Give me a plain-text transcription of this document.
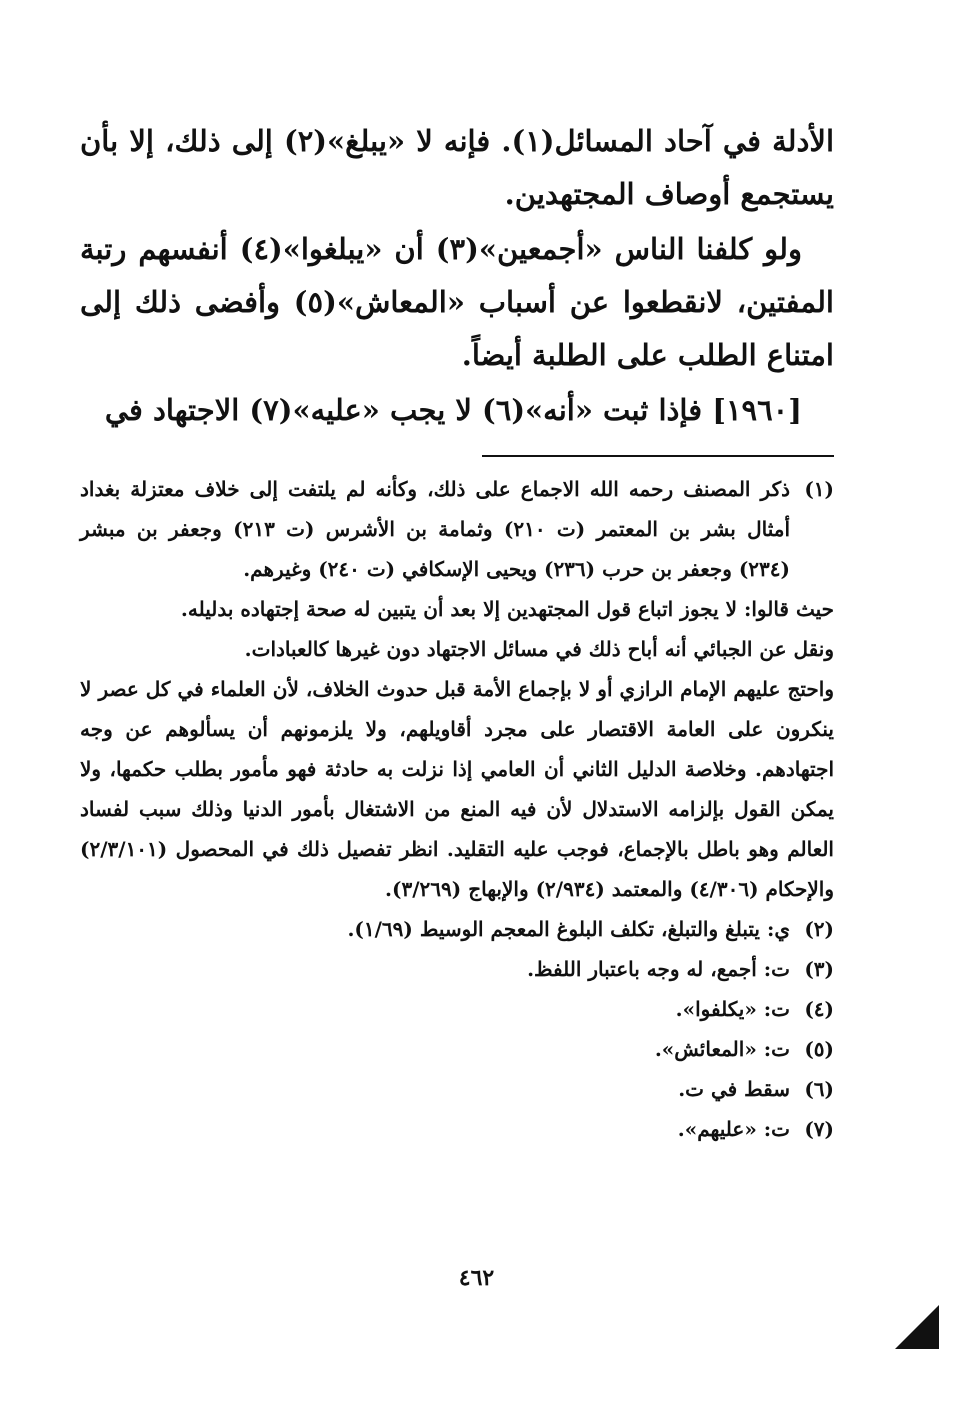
الأدلة في آحاد المسائل(١). فإنه لا «يبلغ»(٢) إلى ذلك، إلا بأن يستجمع أوصاف المجتهدين.

ولو كلفنا الناس «أجمعين»(٣) أن «يبلغوا»(٤) أنفسهم رتبة المفتين، لانقطعوا عن أسباب «المعاش»(٥) وأفضى ذلك إلى امتناع الطلب على الطلبة أيضاً.

[١٩٦٠] فإذا ثبت «أنه»(٦) لا يجب «عليه»(٧) الاجتهاد في

(١)
ذكر المصنف رحمه الله الاجماع على ذلك، وكأنه لم يلتفت إلى خلاف معتزلة بغداد أمثال بشر بن المعتمر (ت ٢١٠) وثمامة بن الأشرس (ت ٢١٣) وجعفر بن مبشر (٢٣٤) وجعفر بن حرب (٢٣٦) ويحيى الإسكافي (ت ٢٤٠) وغيرهم.
حيث قالوا: لا يجوز اتباع قول المجتهدين إلا بعد أن يتبين له صحة إجتهاده بدليله.
ونقل عن الجبائي أنه أباح ذلك في مسائل الاجتهاد دون غيرها كالعبادات.
واحتج عليهم الإمام الرازي أو لا بإجماع الأمة قبل حدوث الخلاف، لأن العلماء في كل عصر لا ينكرون على العامة الاقتصار على مجرد أقاويلهم، ولا يلزمونهم أن يسألوهم عن وجه اجتهادهم. وخلاصة الدليل الثاني أن العامي إذا نزلت به حادثة فهو مأمور بطلب حكمها، ولا يمكن القول بإلزامه الاستدلال لأن فيه المنع من الاشتغال بأمور الدنيا وذلك سبب لفساد العالم وهو باطل بالإجماع، فوجب عليه التقليد. انظر تفصيل ذلك في المحصول (٢/٣/١٠١) والإحكام (٤/٣٠٦) والمعتمد (٢/٩٣٤) والإبهاج (٣/٢٦٩).
(٢)
ي: يتبلغ والتبلغ، تكلف البلوغ المعجم الوسيط (١/٦٩).
(٣)
ت: أجمع، له وجه باعتبار اللفظ.
(٤)
ت: «يكلفوا».
(٥)
ت: «المعائش».
(٦)
سقط في ت.
(٧)
ت: «عليهم».
٤٦٢
